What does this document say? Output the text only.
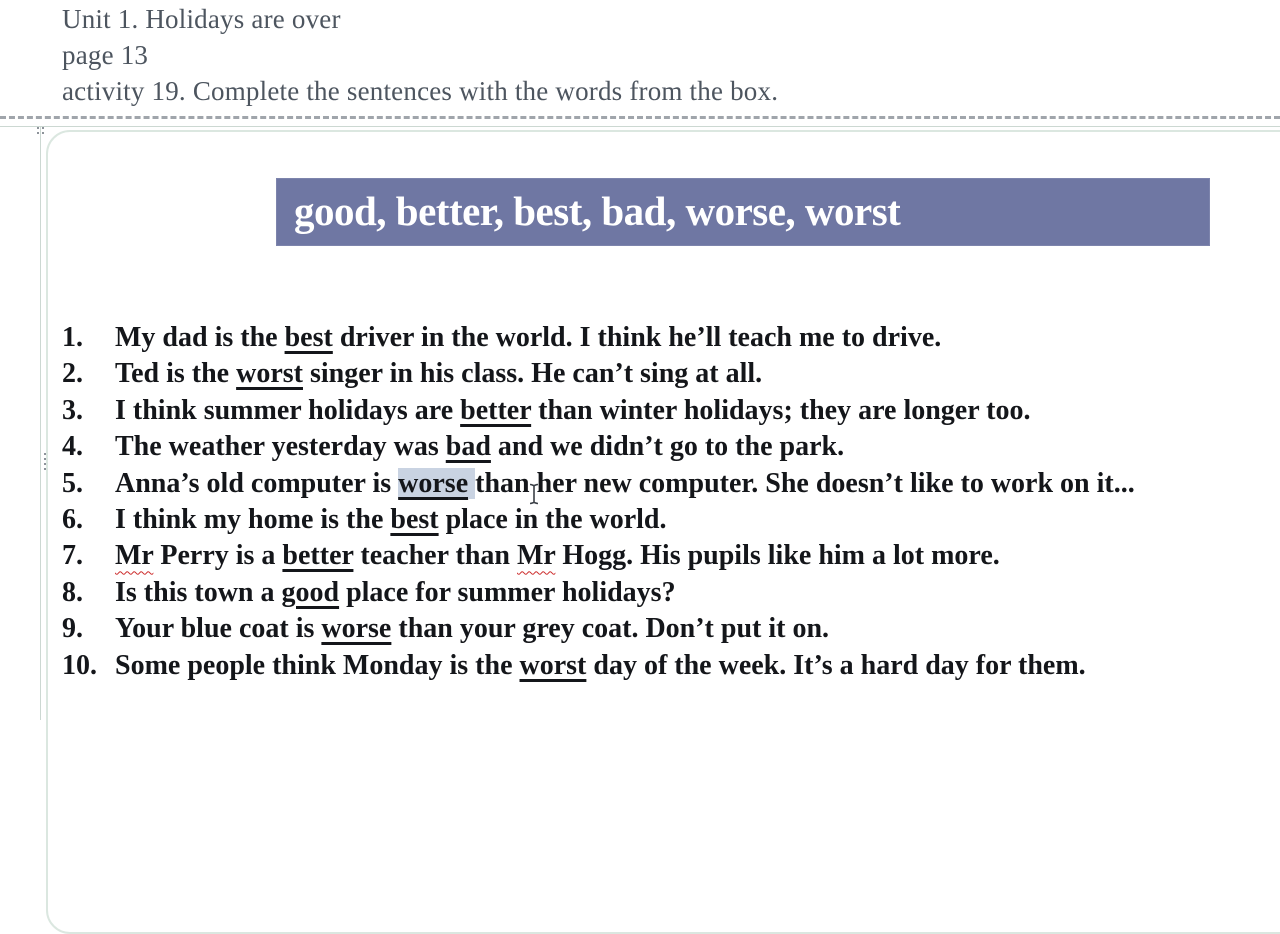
Unit 1. Holidays are over
page 13
activity 19. Complete the sentences with the words from the box.
good, better, best, bad, worse, worst
1.	My dad is the best driver in the world. I think he’ll teach me to drive.
2.	Ted is the worst singer in his class. He can’t sing at all.
3.	I think summer holidays are better than winter holidays; they are longer too.
4.	The weather yesterday was bad and we didn’t go to the park.
5.	Anna’s old computer is worse than her new computer. She doesn’t like to work on it...
6.	I think my home is the best place in the world.
7.	Mr Perry is a better teacher than Mr Hogg. His pupils like him a lot more.
8.	Is this town a good place for summer holidays?
9.	Your blue coat is worse than your grey coat. Don’t put it on.
10. Some people think Monday is the worst day of the week. It’s a hard day for them.
